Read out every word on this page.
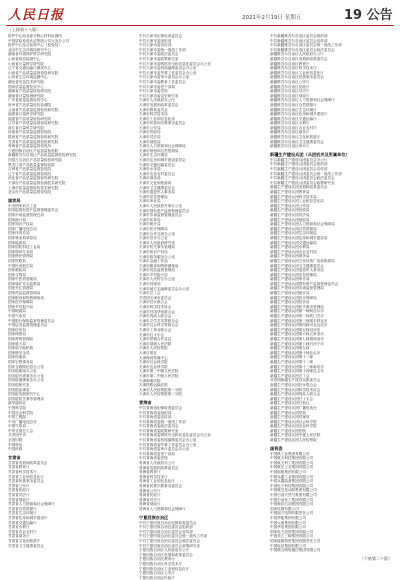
人民日报	2021年2月19日 星期五	19 公告
（上接第十八版）
防护中心西北部分核心材料检测所
中国质检检验认证集团公司大连分公司
防护中心综合检测中心（检验站）
北京市生态环境局研究中心
湖南省环境保护科学研究院
山西省检验检测中心
山西省计量科学研究院
辽宁省交通运输厅测试中心
山西省产品质量监督检验研究院
山西省生态环境监测中心
湖北省信息技术研究院
国家质量监督检验中心
湖南省产品质量检验研究院
湖南省计量检测研究院
广东省质量监督检验中心
贵州省产品质量检验检测院
云南省产品质量监督检验研究院
福建省计量科学研究院
福建省产品质量检验研究院
江苏省产品质量监督检验研究院
浙江省计量科学研究院
河南省产品质量监督检验院
陕西省产品质量监督检验研究院
甘肃省产品质量监督检验研究院
青海省产品质量监督检验所
宁夏回族自治区产品质量检验院
新疆维吾尔自治区产品质量监督检验研究院
内蒙古自治区产品质量检验研究院
黑龙江省产品质量监督检验院
吉林省产品质量监督检验院
辽宁省产品质量监督检验院
河北省产品质量监督检验研究院
天津市产品质量监督检测技术研究院
上海市质量监督检验技术研究院
北京市产品质量监督检验院
国家局
中央国家机关工委
国务院国有资产监督管理委员会
国家市场监督管理总局
国家统计局
国家知识产权局
国家广播电视总局
国家体育总局
国家林业和草原局
国家能源局
国家国防科技工业局
国家烟草专卖局
国家移民管理局
国家铁路局
中国民用航空局
国家邮政局
国家文物局
国家中医药管理局
国家煤矿安全监察局
国家外汇管理局
国家药品监督管理局
国家粮食和物资储备局
国家医疗保障局
国家乡村振兴局
中国地震局
中国气象局
中国银行保险监督管理委员会
中国证券监督管理委员会
国家信访局
国家保密局
国家密码管理局
国家航天局
国家原子能机构
国家核安全局
国家档案局
国家宗教事务局
国家互联网信息办公室
国务院新闻办公室
国务院台湾事务办公室
国务院港澳事务办公室
国务院研究室
国务院参事室
国务院发展研究中心
国务院机关事务管理局
新华通讯社
中国科学院
中国社会科学院
中国工程院
中央广播电视总台
中国气象局
中华全国总工会
共青团中央
全国妇联
中国科协
中国侨联
甘肃省
甘肃省发展和改革委员会
甘肃省教育厅
甘肃省科学技术厅
甘肃省工业和信息化厅
甘肃省民族事务委员会
甘肃省公安厅
甘肃省民政厅
甘肃省司法厅
甘肃省财政厅
甘肃省人力资源和社会保障厅
甘肃省自然资源厅
甘肃省生态环境厅
甘肃省住房和城乡建设厅
甘肃省交通运输厅
甘肃省水利厅
甘肃省农业农村厅
甘肃省商务厅
甘肃省文化和旅游厅
甘肃省卫生健康委员会
中共天津市纪律检查委员会
中共天津市委组织部
中共天津市委宣传部
中共天津市委统一战线工作部
中共天津市委政法委员会
中共天津市委政策研究室
中共天津市委网络安全和信息化委员会办公室
中共天津市委机构编制委员会办公室
中共天津市委外事工作委员会办公室
中共天津市委审计委员会办公室
中共天津市委教育工作委员会
中共天津市委老干部局
中共天津市委党校
中共天津市委党史研究室
天津市人民政府办公厅
天津市发展和改革委员会
天津市教育委员会
天津市科学技术局
天津市工业和信息化局
天津市民族和宗教事务委员会
天津市公安局
天津市民政局
天津市司法局
天津市财政局
天津市人力资源和社会保障局
天津市规划和自然资源局
天津市生态环境局
天津市住房和城乡建设委员会
天津市交通运输委员会
天津市水务局
天津市农业农村委员会
天津市商务局
天津市文化和旅游局
天津市卫生健康委员会
天津市退役军人事务局
天津市应急管理局
天津市审计局
天津市人民政府外事办公室
天津市国有资产监督管理委员会
天津市市场监督管理委员会
天津市体育局
天津市统计局
天津市医疗保障局
天津市合作交流办公室
天津市信访办公室
天津市人民政府研究室
天津市机关事务管理局
天津市知识产权局
天津市政务服务办公室
天津市金融工作局
天津市粮食和物资储备局
天津市药品监督管理局
天津市乡村振兴局
天津市人民防空办公室
天津市档案馆
天津市地方志编修委员会办公室
天津市总工会
共青团天津市委员会
天津市妇女联合会
天津市科学技术协会
天津市归国华侨联合会
天津市残疾人联合会
天津市文学艺术界联合会
天津市社会科学界联合会
天津市工商业联合会
天津市红十字会
天津市供销合作总社
天津市高级人民法院
天津市人民检察院
天津日报社
天津海河传媒中心
天津市社会科学院
天津市农业科学院
天津市第一中级人民法院
天津市第二中级人民法院
天津海事法院
天津铁路运输法院
天津市人民检察院第一分院
天津市人民检察院第二分院
青海省
中共青海省纪律检查委员会
中共青海省委组织部
中共青海省委宣传部
中共青海省委统一战线工作部
中共青海省委政法委员会
中共青海省委政策研究室
中共青海省委网络安全和信息化委员会办公室
中共青海省委机构编制委员会办公室
中共青海省委外事工作委员会办公室
中共青海省委审计委员会办公室
中共青海省委老干部局
中共青海省委党校
青海省人民政府办公厅
青海省发展和改革委员会
青海省教育厅
青海省科学技术厅
青海省工业和信息化厅
青海省民族宗教事务委员会
青海省公安厅
青海省民政厅
青海省司法厅
青海省财政厅
青海省人力资源和社会保障厅
宁夏回族自治区
中共宁夏回族自治区纪律检查委员会
中共宁夏回族自治区委员会组织部
中共宁夏回族自治区委员会宣传部
中共宁夏回族自治区委员会统一战线工作部
中共宁夏回族自治区委员会政法委员会
中共宁夏回族自治区委员会政策研究室
宁夏回族自治区人民政府办公厅
宁夏回族自治区发展和改革委员会
宁夏回族自治区教育厅
宁夏回族自治区科学技术厅
宁夏回族自治区工业和信息化厅
宁夏回族自治区公安厅
宁夏回族自治区民政厅
中共新疆维吾尔自治区委员会组织部
中共新疆维吾尔自治区委员会宣传部
中共新疆维吾尔自治区委员会统一战线工作部
中共新疆维吾尔自治区委员会政法委员会
新疆维吾尔自治区人民政府办公厅
新疆维吾尔自治区发展和改革委员会
新疆维吾尔自治区教育厅
新疆维吾尔自治区科学技术厅
新疆维吾尔自治区工业和信息化厅
新疆维吾尔自治区民族事务委员会
新疆维吾尔自治区公安厅
新疆维吾尔自治区民政厅
新疆维吾尔自治区司法厅
新疆维吾尔自治区财政厅
新疆维吾尔自治区人力资源和社会保障厅
新疆维吾尔自治区自然资源厅
新疆维吾尔自治区生态环境厅
新疆维吾尔自治区住房和城乡建设厅
新疆维吾尔自治区交通运输厅
新疆维吾尔自治区水利厅
新疆维吾尔自治区农业农村厅
新疆维吾尔自治区商务厅
新疆维吾尔自治区文化和旅游厅
新疆维吾尔自治区卫生健康委员会
新疆维吾尔自治区审计厅
新疆生产建设兵团（兵团机关及所属单位）
中共新疆生产建设兵团委员会办公厅
中共新疆生产建设兵团委员会组织部
中共新疆生产建设兵团委员会宣传部
中共新疆生产建设兵团委员会统一战线工作部
中共新疆生产建设兵团委员会政法委员会
中共新疆生产建设兵团委员会政策研究室
新疆生产建设兵团发展和改革委员会
新疆生产建设兵团教育局
新疆生产建设兵团科学技术局
新疆生产建设兵团工业和信息化局
新疆生产建设兵团公安局
新疆生产建设兵团民政局
新疆生产建设兵团司法局
新疆生产建设兵团财政局
新疆生产建设兵团人力资源和社会保障局
新疆生产建设兵团自然资源局
新疆生产建设兵团生态环境局
新疆生产建设兵团住房和城乡建设局
新疆生产建设兵团交通运输局
新疆生产建设兵团水利局
新疆生产建设兵团农业农村局
新疆生产建设兵团商务局
新疆生产建设兵团文化体育广电和旅游局
新疆生产建设兵团卫生健康委员会
新疆生产建设兵团退役军人事务局
新疆生产建设兵团应急管理局
新疆生产建设兵团审计局
新疆生产建设兵团国有资产监督管理委员会
新疆生产建设兵团市场监督管理局
新疆生产建设兵团统计局
新疆生产建设兵团医疗保障局
新疆生产建设兵团信访局
新疆生产建设兵团机关事务管理局
新疆生产建设兵团第一师阿拉尔市
新疆生产建设兵团第二师铁门关市
新疆生产建设兵团第三师图木舒克市
新疆生产建设兵团第四师可克达拉市
新疆生产建设兵团第五师双河市
新疆生产建设兵团第六师五家渠市
新疆生产建设兵团第七师胡杨河市
新疆生产建设兵团第八师石河子市
新疆生产建设兵团第九师
新疆生产建设兵团第十师北屯市
新疆生产建设兵团第十一师
新疆生产建设兵团第十二师
新疆生产建设兵团第十三师新星市
新疆生产建设兵团第十四师昆玉市
新疆生产建设兵团总工会
共青团新疆生产建设兵团委员会
新疆生产建设兵团妇女联合会
新疆生产建设兵团科学技术协会
新疆生产建设兵团残疾人联合会
新疆生产建设兵团红十字会
新疆生产建设兵团日报社
新疆生产建设兵团广播电视台
新疆生产建设兵团党校
新疆生产建设兵团档案馆
新疆生产建设兵团社会科学院
新疆生产建设兵团农业科学院
新疆生产建设兵团医院
新疆生产建设兵团中级人民法院
新疆生产建设兵团人民检察院
国资委
中国核工业集团有限公司
中国航天科技集团有限公司
中国航天科工集团有限公司
中国航空工业集团有限公司
中国船舶集团有限公司
中国兵器工业集团有限公司
中国兵器装备集团有限公司
中国电子科技集团有限公司
中国航空发动机集团有限公司
中国石油天然气集团有限公司
中国石油化工集团有限公司
中国海洋石油集团有限公司
国家电网有限公司
中国南方电网有限责任公司
中国华能集团有限公司
中国大唐集团有限公司
中国华电集团有限公司
国家电力投资集团有限公司
中国长江三峡集团有限公司
国家能源投资集团有限责任公司
中国电信集团有限公司
中国联合网络通信集团有限公司
（下转第二十版）
